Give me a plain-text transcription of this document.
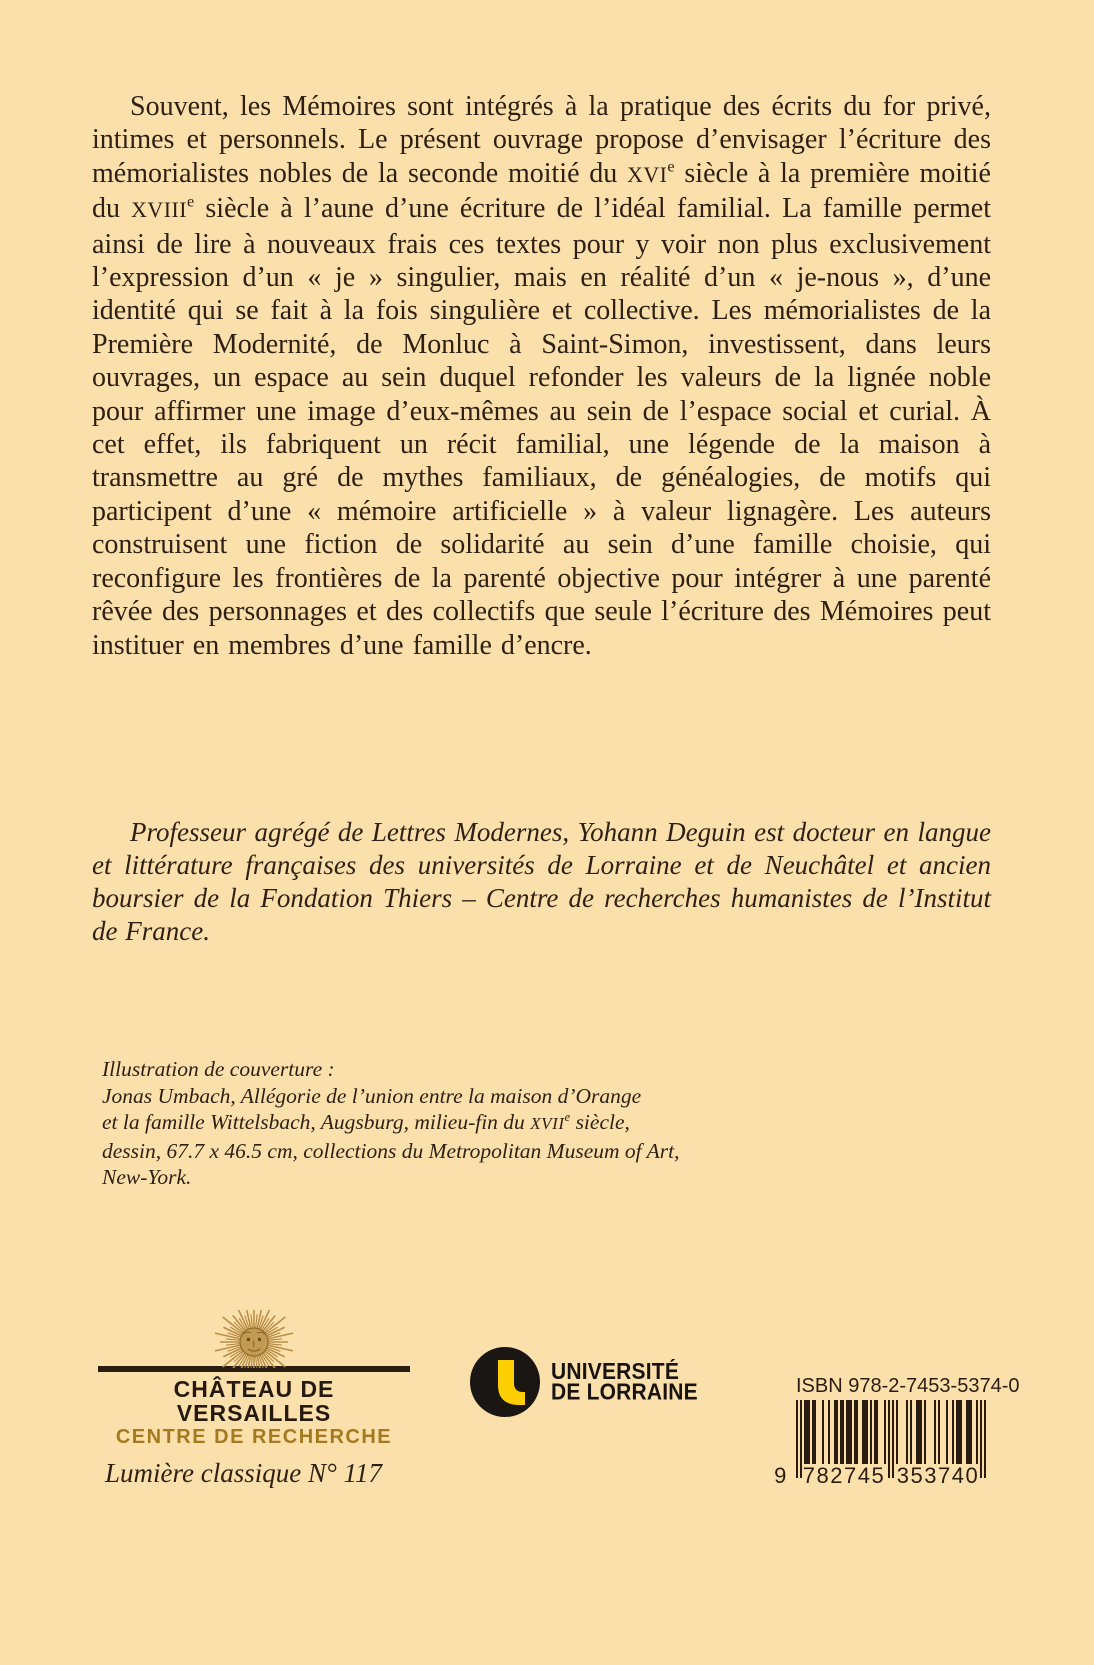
Souvent, les Mémoires sont intégrés à la pratique des écrits du for privé, intimes et personnels. Le présent ouvrage propose d’envisager l’écriture des mémorialistes nobles de la seconde moitié du XVIe siècle à la première moitié du XVIIIe siècle à l’aune d’une écriture de l’idéal familial. La famille permet ainsi de lire à nouveaux frais ces textes pour y voir non plus exclusivement l’expression d’un « je » singulier, mais en réalité d’un « je-nous », d’une identité qui se fait à la fois singulière et collective. Les mémorialistes de la Première Modernité, de Monluc à Saint-Simon, investissent, dans leurs ouvrages, un espace au sein duquel refonder les valeurs de la lignée noble pour affirmer une image d’eux-mêmes au sein de l’espace social et curial. À cet effet, ils fabriquent un récit familial, une légende de la maison à transmettre au gré de mythes familiaux, de généalogies, de motifs qui participent d’une « mémoire artificielle » à valeur lignagère. Les auteurs construisent une fiction de solidarité au sein d’une famille choisie, qui reconfigure les frontières de la parenté objective pour intégrer à une parenté rêvée des personnages et des collectifs que seule l’écriture des Mémoires peut instituer en membres d’une famille d’encre.

Professeur agrégé de Lettres Modernes, Yohann Deguin est docteur en langue et littérature françaises des universités de Lorraine et de Neuchâtel et ancien boursier de la Fondation Thiers – Centre de recherches humanistes de l’Institut de France.

Illustration de couverture :
Jonas Umbach, Allégorie de l’union entre la maison d’Orange
et la famille Wittelsbach, Augsburg, milieu-fin du XVIIe siècle,
dessin, 67.7 x 46.5 cm, collections du Metropolitan Museum of Art,
New-York.
CHÂTEAU DE VERSAILLES
CENTRE DE RECHERCHE
UNIVERSITÉ
DE LORRAINE	ISBN 978-2-7453-5374-0
9 782745 353740

Lumière classique N° 117
